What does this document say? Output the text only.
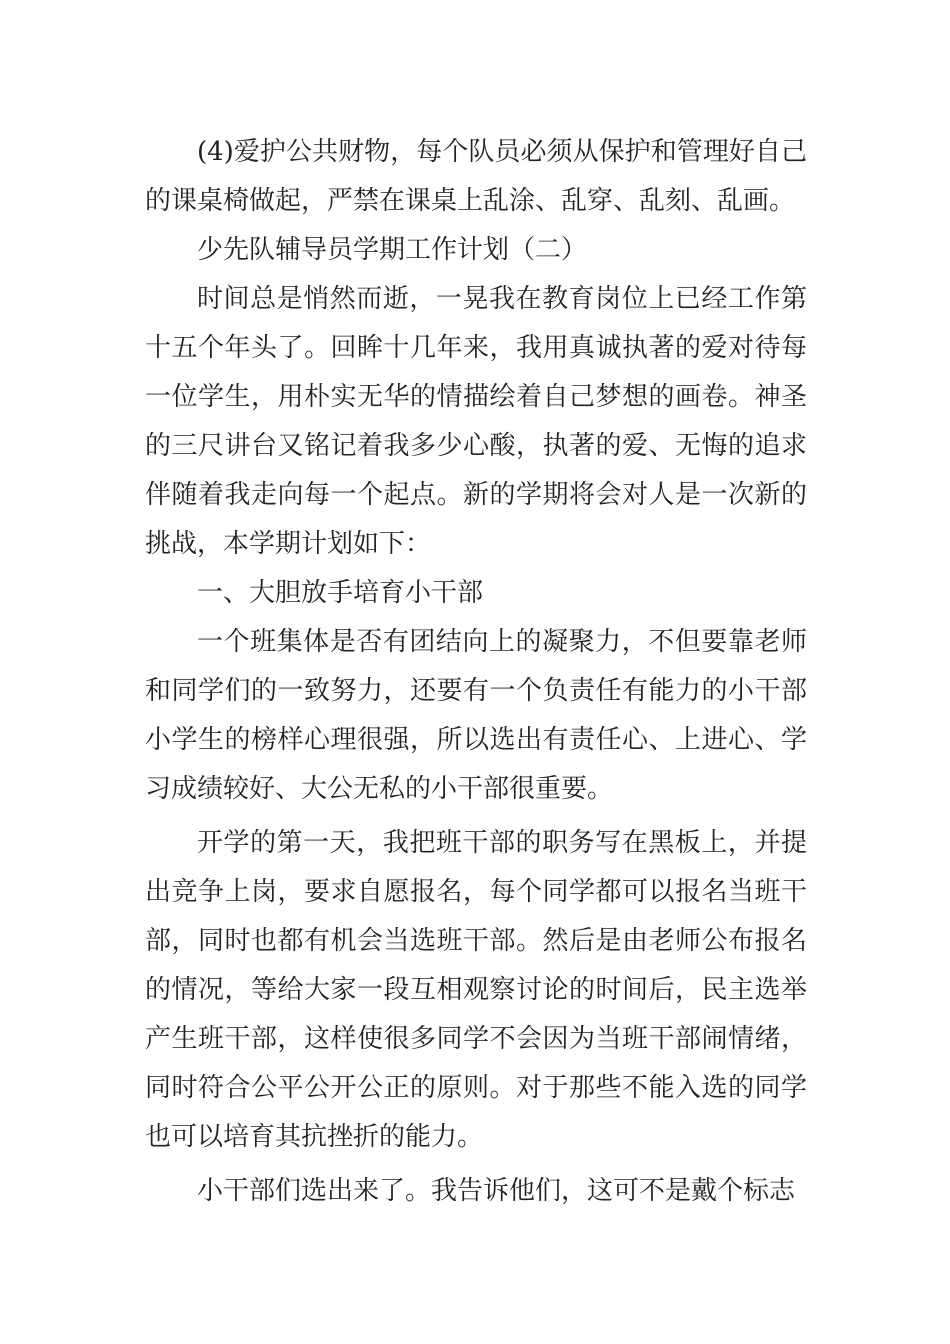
(4)爱护公共财物，每个队员必须从保护和管理好自己的课桌椅做起，严禁在课桌上乱涂、乱穿、乱刻、乱画。

少先队辅导员学期工作计划（二）

时间总是悄然而逝，一晃我在教育岗位上已经工作第十五个年头了。回眸十几年来，我用真诚执著的爱对待每一位学生，用朴实无华的情描绘着自己梦想的画卷。神圣的三尺讲台又铭记着我多少心酸，执著的爱、无悔的追求伴随着我走向每一个起点。新的学期将会对人是一次新的挑战，本学期计划如下：

一、大胆放手培育小干部

一个班集体是否有团结向上的凝聚力，不但要靠老师和同学们的一致努力，还要有一个负责任有能力的小干部小学生的榜样心理很强，所以选出有责任心、上进心、学习成绩较好、大公无私的小干部很重要。

开学的第一天，我把班干部的职务写在黑板上，并提出竞争上岗，要求自愿报名，每个同学都可以报名当班干部，同时也都有机会当选班干部。然后是由老师公布报名的情况，等给大家一段互相观察讨论的时间后，民主选举产生班干部，这样使很多同学不会因为当班干部闹情绪，同时符合公平公开公正的原则。对于那些不能入选的同学也可以培育其抗挫折的能力。

小干部们选出来了。我告诉他们，这可不是戴个标志
